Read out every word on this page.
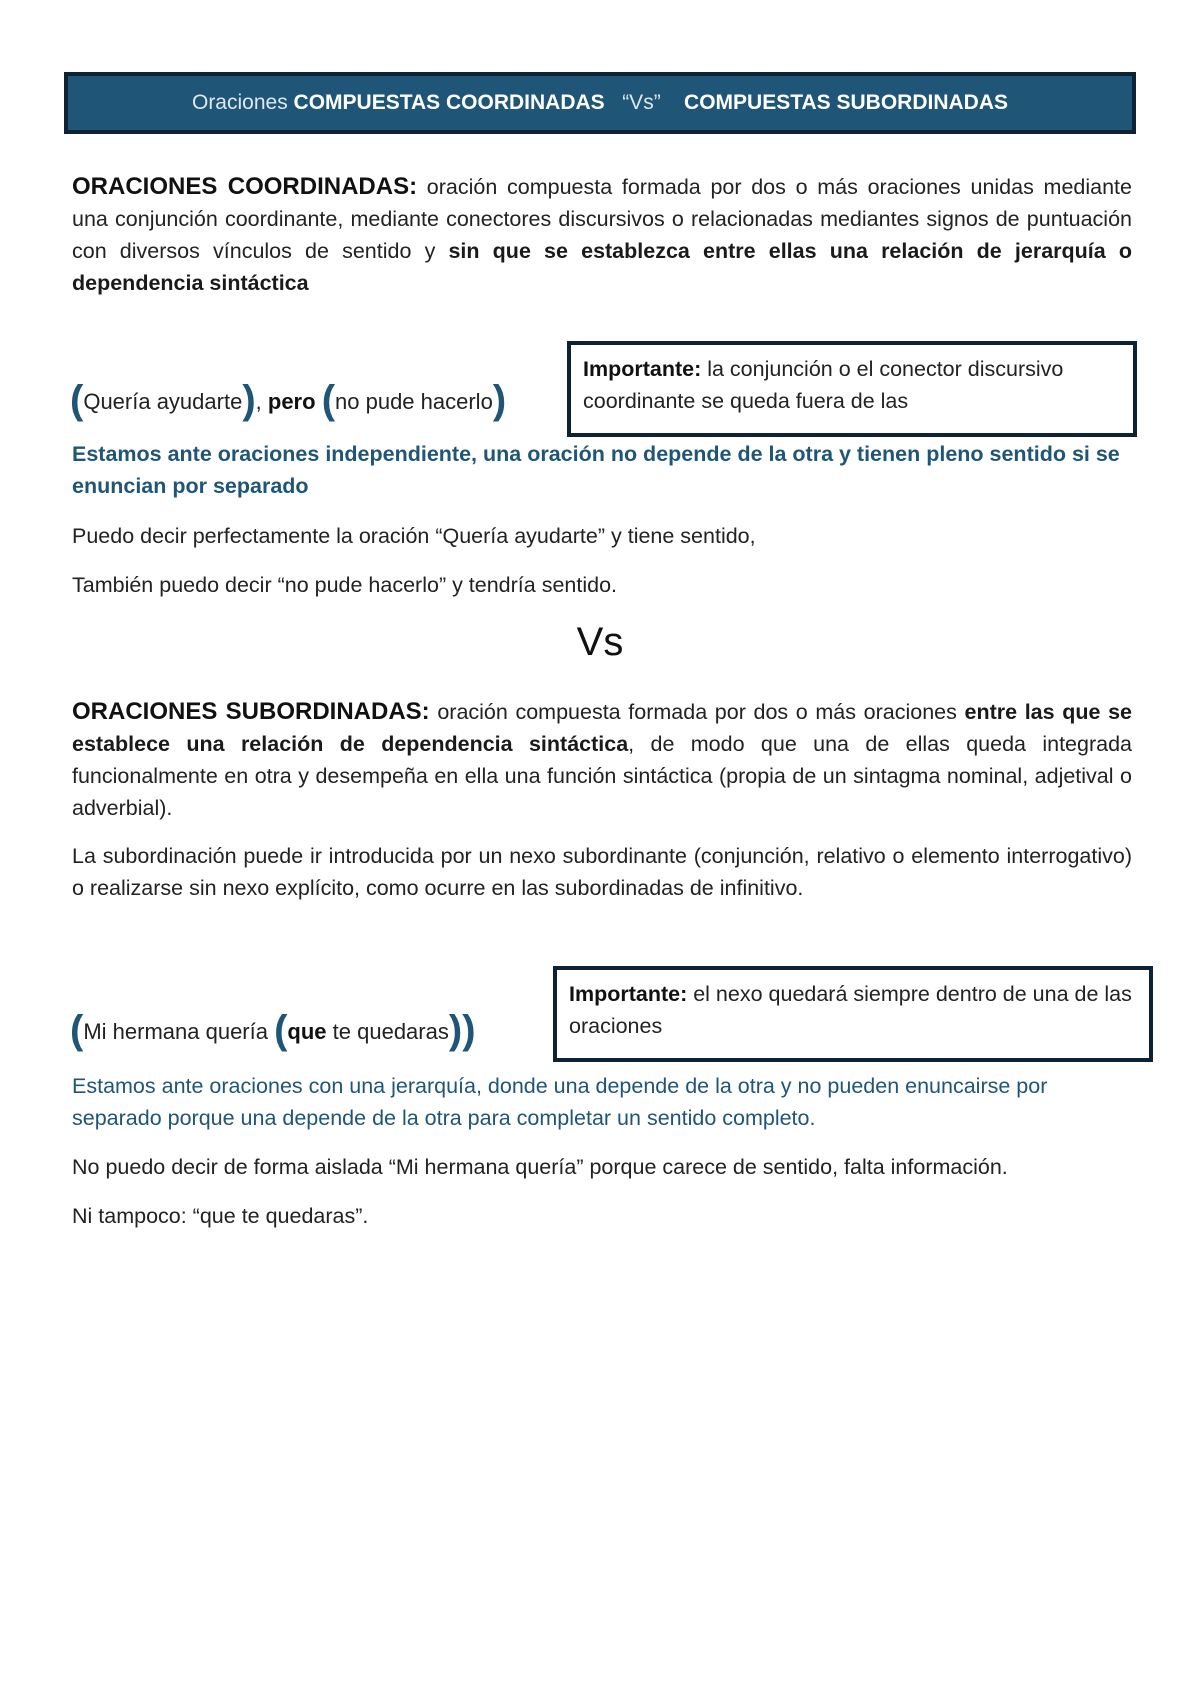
Oraciones
COMPUESTAS COORDINADAS
“Vs”
COMPUESTAS SUBORDINADAS

ORACIONES COORDINADAS: oración compuesta formada por dos o más oraciones unidas mediante una conjunción coordinante, mediante conectores discursivos o relacionadas mediantes signos de puntuación con diversos vínculos de sentido y sin que se establezca entre ellas una relación de jerarquía o dependencia sintáctica

(Quería ayudarte), pero (no pude hacerlo)
Importante: la conjunción o el conector discursivo coordinante se queda fuera de las

Estamos ante oraciones independiente, una oración no depende de la otra y tienen pleno sentido si se enuncian por separado

Puedo decir perfectamente la oración “Quería ayudarte” y tiene sentido,

También puedo decir “no pude hacerlo” y tendría sentido.

Vs

ORACIONES SUBORDINADAS: oración compuesta formada por dos o más oraciones entre las que se establece una relación de dependencia sintáctica, de modo que una de ellas queda integrada funcionalmente en otra y desempeña en ella una función sintáctica (propia de un sintagma nominal, adjetival o adverbial).

La subordinación puede ir introducida por un nexo subordinante (conjunción, relativo o elemento interrogativo) o realizarse sin nexo explícito, como ocurre en las subordinadas de infinitivo.

(Mi hermana quería (que te quedaras))
Importante: el nexo quedará siempre dentro de una de las oraciones

Estamos ante oraciones con una jerarquía, donde una depende de la otra y no pueden enuncairse por separado porque una depende de la otra para completar un sentido completo.

No puedo decir de forma aislada “Mi hermana quería” porque carece de sentido, falta información.

Ni tampoco: “que te quedaras”.
